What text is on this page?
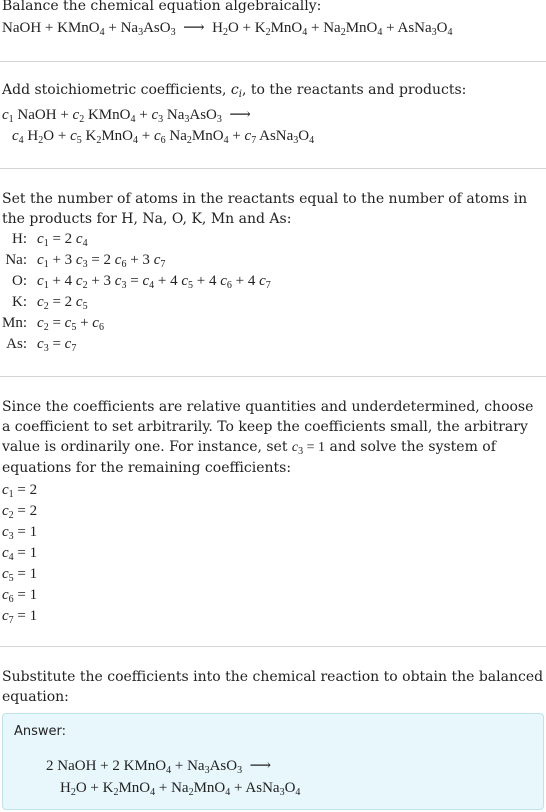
Balance the chemical equation algebraically:

NaOH + KMnO$_4$ + $Na_3AsO_3$  ⟶  $H_2O + K_2MnO_4 + Na_2MnO_4$ + $AsNa_3O_4$

Add stoichiometric coefficients, $c_i$, to the reactants and products:

$c_1$ NaOH + $c_2$ KMnO$_4$ + $c_3$ $Na_3AsO_3$  ⟶
$c_4$ $H_2O + c_5$ $K_2MnO_4 + c_6$ $Na_2MnO_4 + c_7$ $AsNa_3O_4$

Set the number of atoms in the reactants equal to the number of atoms in the products for H, Na, O, K, Mn and As:

H:	$c_1 = 2$ $c_4$
Na:	$c_1 + 3$ $c_3 = 2$ $c_6 + 3$ $c_7$
O:	$c_1 + 4$ $c_2 + 3$ $c_3 = c_4 + 4$ $c_5 + 4$ $c_6 + 4$ $c_7$
K:	$c_2 = 2$ $c_5$
Mn:	$c_2 = c_5 + c_6$
As:	$c_3 = c_7$

Since the coefficients are relative quantities and underdetermined, choose a coefficient to set arbitrarily. To keep the coefficients small, the arbitrary value is ordinarily one. For instance, set $c_3 = 1$ and solve the system of equations for the remaining coefficients:

$c_1 = 2$
$c_2 = 2$
$c_3 = 1$
$c_4 = 1$
$c_5 = 1$
$c_6 = 1$
$c_7 = 1$

Substitute the coefficients into the chemical reaction to obtain the balanced equation:

Answer:
2 NaOH + 2 KMnO$_4$ + $Na_3AsO_3$  ⟶
$H_2O + K_2MnO_4 + Na_2MnO_4$ + $AsNa_3O_4$
